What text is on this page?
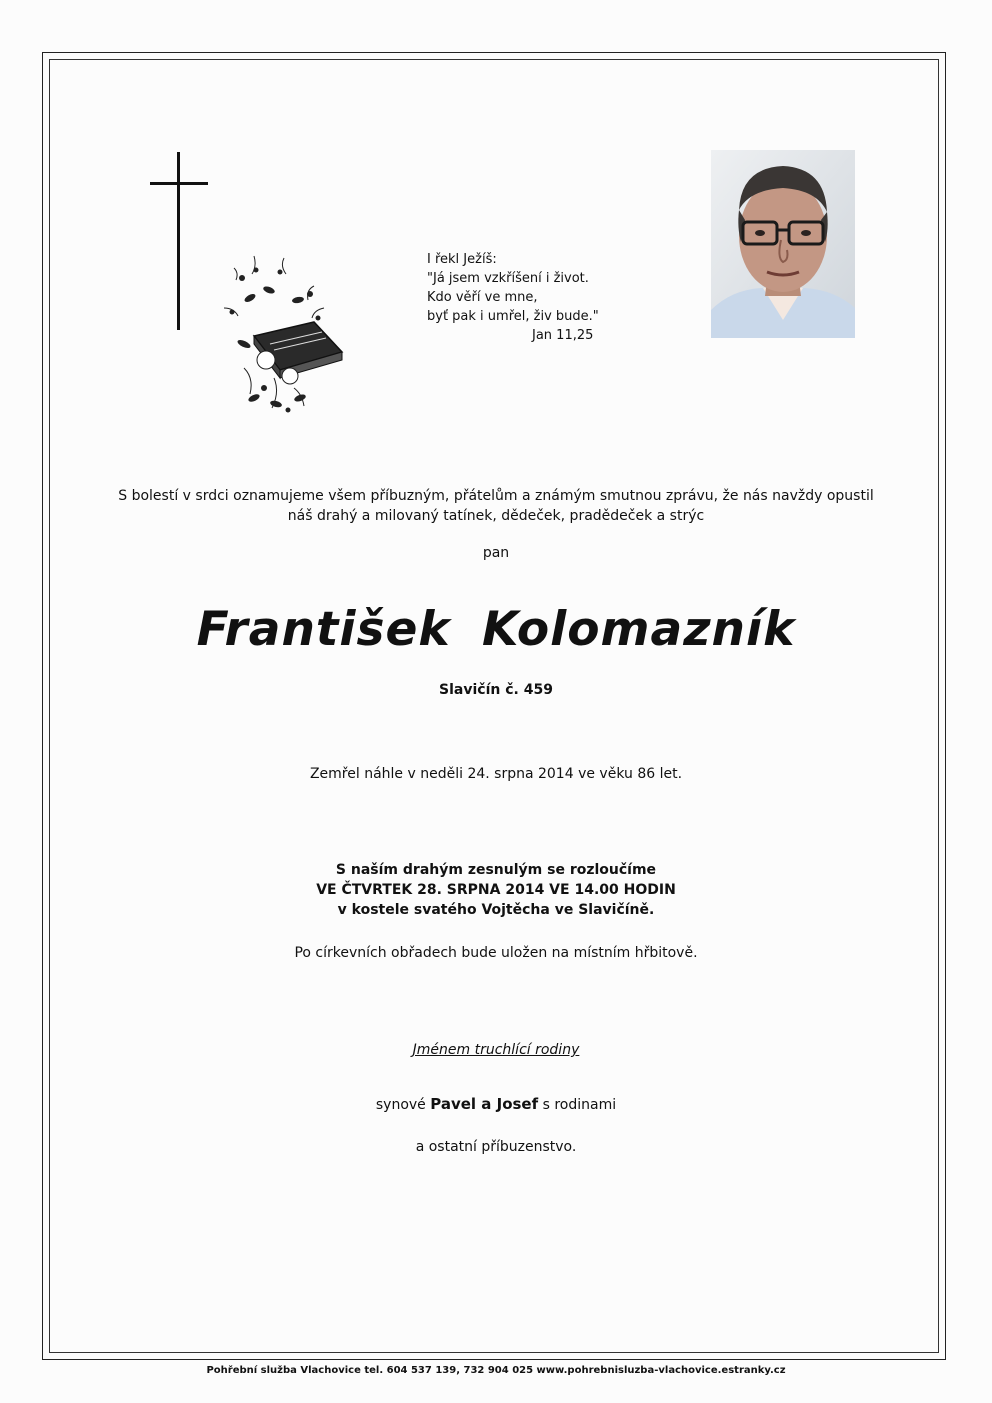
I řekl Ježíš:
"Já jsem vzkříšení i život.
Kdo věří ve mne,
byť pak i umřel, živ bude."
Jan 11,25
S bolestí v srdci oznamujeme všem příbuzným, přátelům a známým smutnou zprávu, že nás navždy opustil
náš drahý a milovaný tatínek, dědeček, pradědeček a strýc
pan
František Kolomazník
Slavičín č. 459
Zemřel náhle v neděli 24. srpna 2014 ve věku 86 let.
S naším drahým zesnulým se rozloučíme
VE ČTVRTEK 28. SRPNA 2014 VE 14.00 HODIN
v kostele svatého Vojtěcha ve Slavičíně.
Po církevních obřadech bude uložen na místním hřbitově.
Jménem truchlící rodiny
synové Pavel a Josef s rodinami
a ostatní příbuzenstvo.
Pohřební služba Vlachovice tel. 604 537 139, 732 904 025 www.pohrebnisluzba-vlachovice.estranky.cz
